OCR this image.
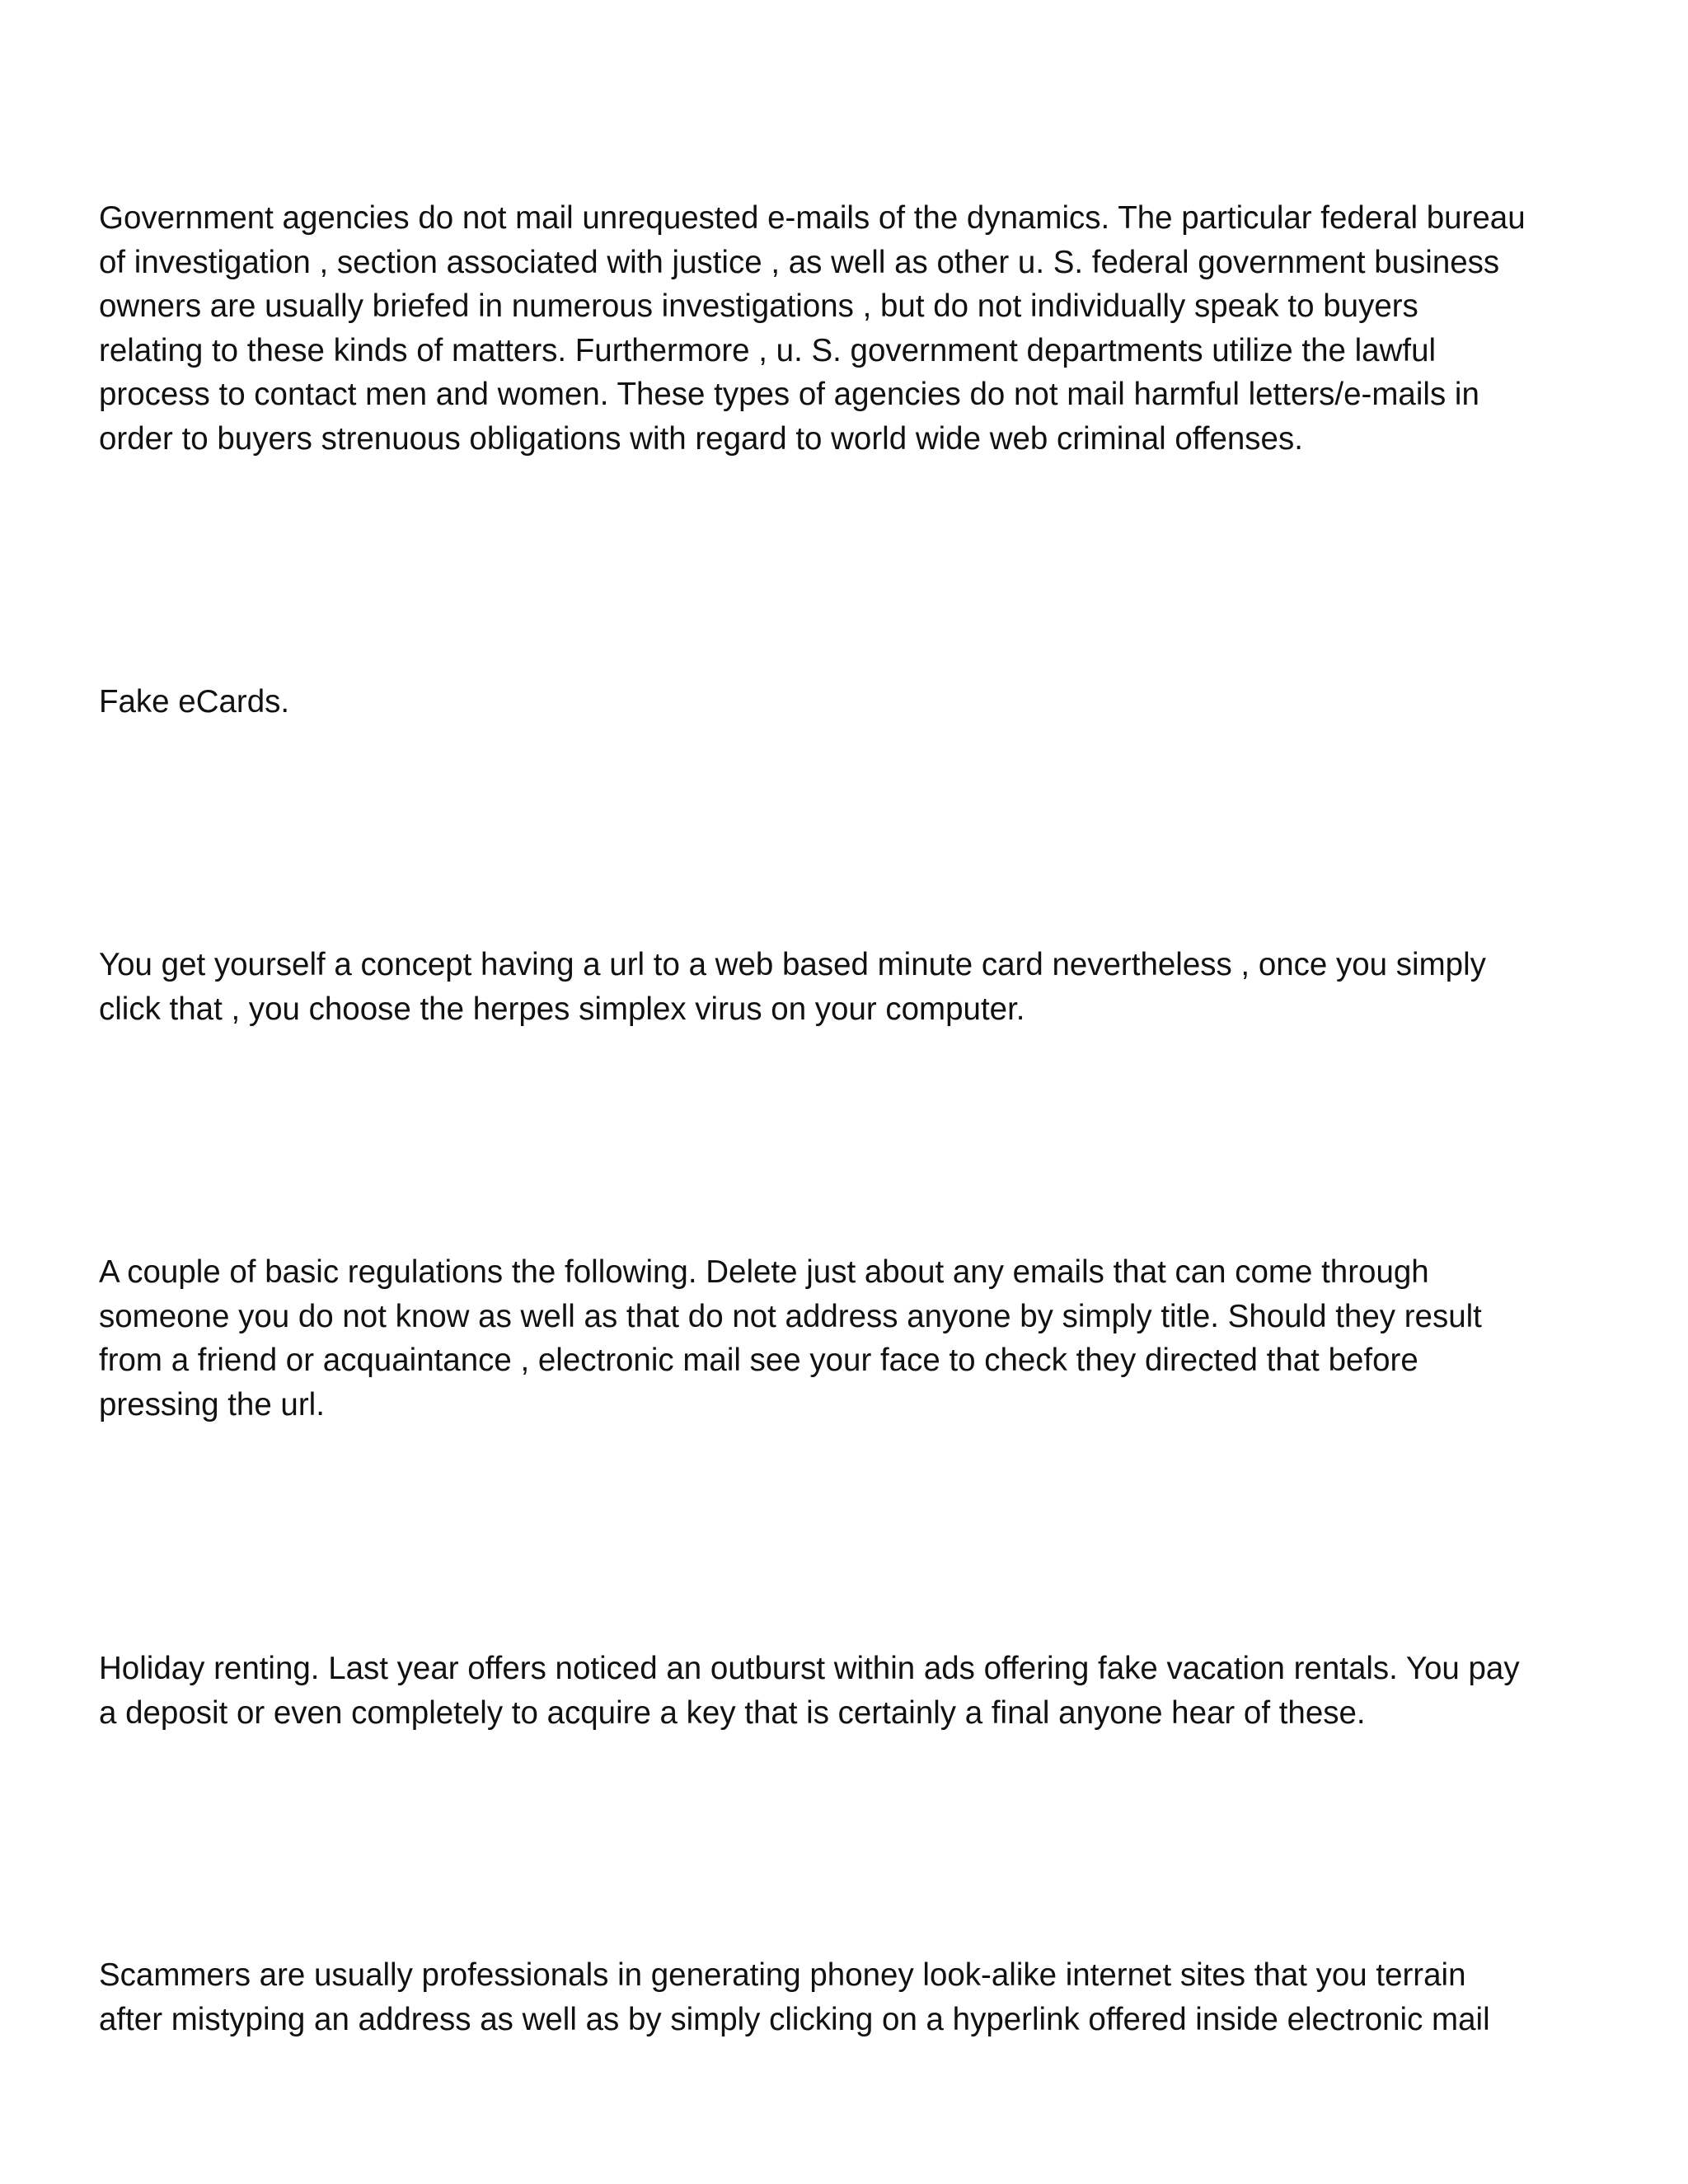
Government agencies do not mail unrequested e-mails of the dynamics. The particular federal bureau
of investigation , section associated with justice , as well as other u. S. federal government business
owners are usually briefed in numerous investigations , but do not individually speak to buyers
relating to these kinds of matters. Furthermore , u. S. government departments utilize the lawful
process to contact men and women. These types of agencies do not mail harmful letters/e-mails in
order to buyers strenuous obligations with regard to world wide web criminal offenses.

Fake eCards.

You get yourself a concept having a url to a web based minute card nevertheless , once you simply
click that , you choose the herpes simplex virus on your computer.

A couple of basic regulations the following. Delete just about any emails that can come through
someone you do not know as well as that do not address anyone by simply title. Should they result
from a friend or acquaintance , electronic mail see your face to check they directed that before
pressing the url.

Holiday renting. Last year offers noticed an outburst within ads offering fake vacation rentals. You pay
a deposit or even completely to acquire a key that is certainly a final anyone hear of these.

Scammers are usually professionals in generating phoney look-alike internet sites that you terrain
after mistyping an address as well as by simply clicking on a hyperlink offered inside electronic mail
